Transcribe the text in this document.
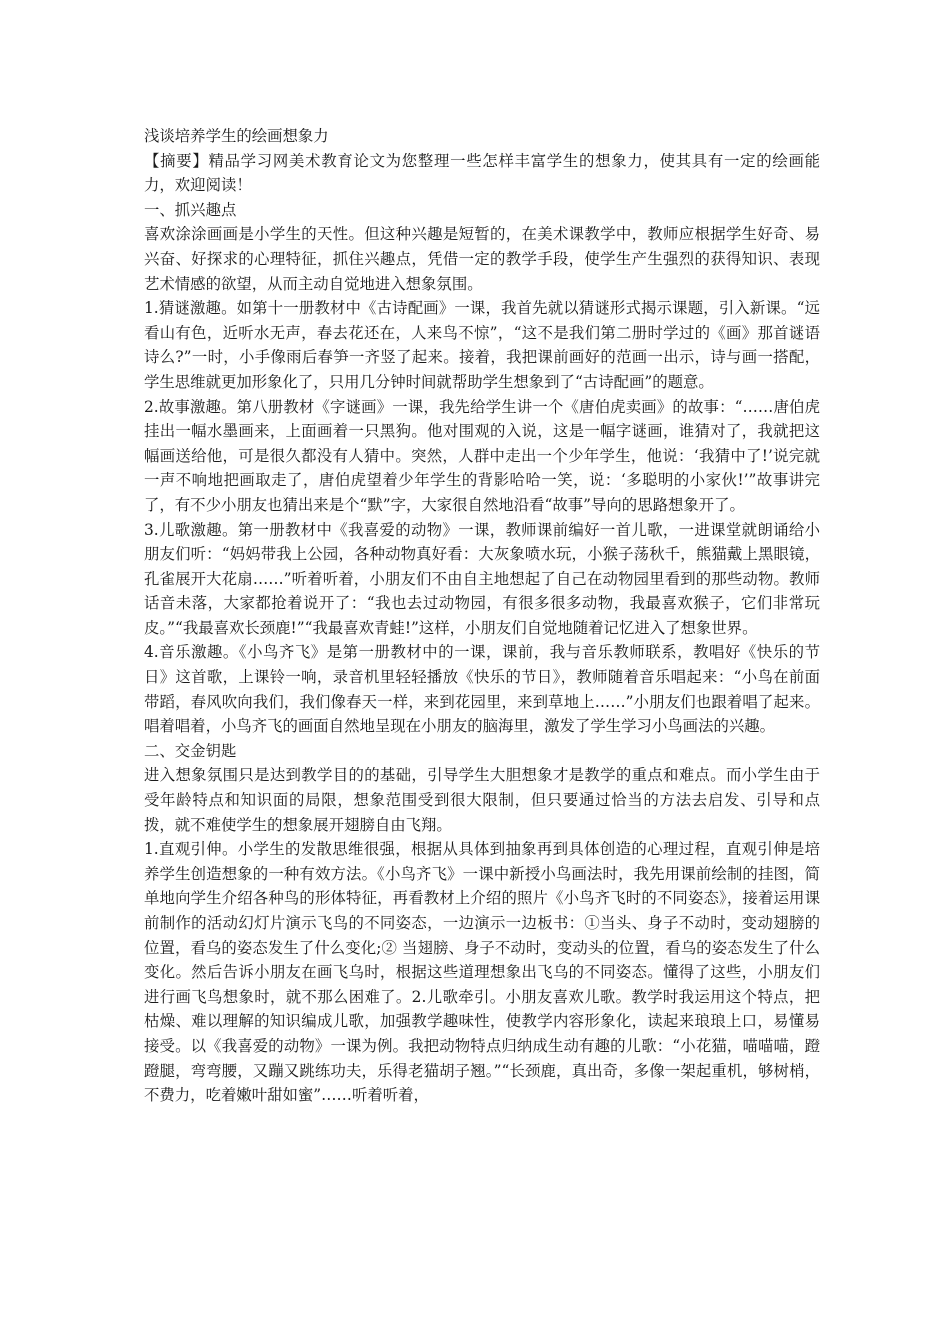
浅谈培养学生的绘画想象力

【摘要】精品学习网美术教育论文为您整理一些怎样丰富学生的想象力，使其具有一定的绘画能力，欢迎阅读！

一、抓兴趣点

喜欢涂涂画画是小学生的天性。但这种兴趣是短暂的，在美术课教学中，教师应根据学生好奇、易兴奋、好探求的心理特征，抓住兴趣点，凭借一定的教学手段，使学生产生强烈的获得知识、表现艺术情感的欲望，从而主动自觉地进入想象氛围。

1.猜谜激趣。如第十一册教材中《古诗配画》一课，我首先就以猜谜形式揭示课题，引入新课。“远看山有色，近听水无声，春去花还在，人来鸟不惊”，“这不是我们第二册时学过的《画》那首谜语诗么?”一时，小手像雨后春笋一齐竖了起来。接着，我把课前画好的范画一出示，诗与画一搭配，学生思维就更加形象化了，只用几分钟时间就帮助学生想象到了“古诗配画”的题意。

2.故事激趣。第八册教材《字谜画》一课，我先给学生讲一个《唐伯虎卖画》的故事：“……唐伯虎挂出一幅水墨画来，上面画着一只黑狗。他对围观的入说，这是一幅字谜画，谁猜对了，我就把这幅画送给他，可是很久都没有人猜中。突然，人群中走出一个少年学生，他说：‘我猜中了!’说完就一声不响地把画取走了，唐伯虎望着少年学生的背影哈哈一笑，说：‘多聪明的小家伙!’”故事讲完了，有不少小朋友也猜出来是个“默”字，大家很自然地沿看“故事”导向的思路想象开了。

3.儿歌激趣。第一册教材中《我喜爱的动物》一课，教师课前编好一首儿歌，一进课堂就朗诵给小朋友们听：“妈妈带我上公园，各种动物真好看：大灰象喷水玩，小猴子荡秋千，熊猫戴上黑眼镜，孔雀展开大花扇……”听着听着，小朋友们不由自主地想起了自己在动物园里看到的那些动物。教师话音未落，大家都抢着说开了：“我也去过动物园，有很多很多动物，我最喜欢猴子，它们非常玩皮。”“我最喜欢长颈鹿!”“我最喜欢青蛙!”这样，小朋友们自觉地随着记忆进入了想象世界。

4.音乐激趣。《小鸟齐飞》是第一册教材中的一课，课前，我与音乐教师联系，教唱好《快乐的节日》这首歌，上课铃一响，录音机里轻轻播放《快乐的节日》，教师随着音乐唱起来：“小鸟在前面带蹈，春风吹向我们，我们像春天一样，来到花园里，来到草地上……”小朋友们也跟着唱了起来。唱着唱着，小鸟齐飞的画面自然地呈现在小朋友的脑海里，激发了学生学习小鸟画法的兴趣。

二、交金钥匙

进入想象氛围只是达到教学目的的基础，引导学生大胆想象才是教学的重点和难点。而小学生由于受年龄特点和知识面的局限，想象范围受到很大限制，但只要通过恰当的方法去启发、引导和点拨，就不难使学生的想象展开翅膀自由飞翔。

1.直观引伸。小学生的发散思维很强，根据从具体到抽象再到具体创造的心理过程，直观引伸是培养学生创造想象的一种有效方法。《小鸟齐飞》一课中新授小鸟画法时，我先用课前绘制的挂图，简单地向学生介绍各种鸟的形体特征，再看教材上介绍的照片《小鸟齐飞时的不同姿态》，接着运用课前制作的活动幻灯片演示飞鸟的不同姿态，一边演示一边板书：①当头、身子不动时，变动翅膀的位置，看乌的姿态发生了什么变化;② 当翅膀、身子不动时，变动头的位置，看乌的姿态发生了什么变化。然后告诉小朋友在画飞乌时，根据这些道理想象出飞乌的不同姿态。懂得了这些，小朋友们进行画飞鸟想象时，就不那么困难了。2.儿歌牵引。小朋友喜欢儿歌。教学时我运用这个特点，把枯燥、难以理解的知识编成儿歌，加强教学趣味性，使教学内容形象化，读起来琅琅上口，易懂易接受。以《我喜爱的动物》一课为例。我把动物特点归纳成生动有趣的儿歌：“小花猫，喵喵喵，蹬蹬腿，弯弯腰，又蹦又跳练功夫，乐得老猫胡子翘。”“长颈鹿，真出奇，多像一架起重机，够树梢，不费力，吃着嫩叶甜如蜜”……听着听着，
